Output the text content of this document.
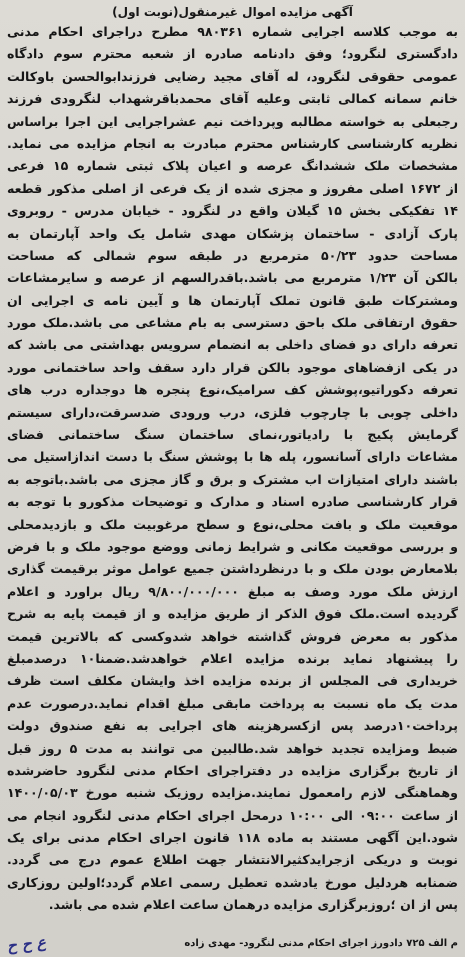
آگهی مزایده اموال غیرمنقول(نوبت اول)
به موجب کلاسه اجرایی شماره ۹۸۰۳۶۱ مطرح دراجرای احکام مدنی
دادگستری لنگرود؛ وفق دادنامه صادره از شعبه محترم سوم دادگاه
عمومی حقوقی لنگرود، له آقای مجید رضایی فرزندابوالحسن باوکالت
خانم سمانه کمالی ثابتی وعلیه آقای محمدباقرشهداب لنگرودی فرزند
رجبعلی به خواسته مطالبه وپرداخت نیم عشراجرایی این اجرا براساس
نظریه کارشناسی کارشناس محترم مبادرت به انجام مزایده می نماید.
مشخصات ملک ششدانگ عرصه و اعیان پلاک ثبتی شماره ۱۵ فرعی
از ۱۶۷۲ اصلی مفروز و مجزی شده از یک فرعی از اصلی مذکور قطعه
۱۴ تفکیکی بخش ۱۵ گیلان واقع در لنگرود - خیابان مدرس - روبروی
پارک آزادی - ساختمان پزشکان مهدی شامل یک واحد آپارتمان به
مساحت حدود ۵۰/۲۳ مترمربع در طبقه سوم شمالی که مساحت
بالکن آن ۱/۲۳ مترمربع می باشد.باقدرالسهم از عرصه و سایرمشاعات
ومشترکات طبق قانون تملک آپارتمان ها و آیین نامه ی اجرایی ان
حقوق ارتفاقی ملک باحق دسترسی به بام مشاعی می باشد.ملک مورد
تعرفه دارای دو فضای داخلی به انضمام سرویس بهداشتی می باشد که
در یکی ازفضاهای موجود بالکن قرار دارد سقف واحد ساختمانی مورد
تعرفه دکوراتیو،پوشش کف سرامیک،نوع پنجره ها دوجداره درب های
داخلی چوبی با چارچوب فلزی، درب ورودی ضدسرقت،دارای سیستم
گرمایش پکیج با رادیاتور،نمای ساختمان سنگ ساختمانی فضای
مشاعات دارای آسانسور، پله ها با پوشش سنگ با دست اندازاستیل می
باشند دارای امتیازات اب مشترک و برق و گاز مجزی می باشد.باتوجه به
قرار کارشناسی صادره اسناد و مدارک و توضیحات مذکورو با توجه به
موقعیت ملک و بافت محلی،نوع و سطح مرغوبیت ملک و بازدیدمحلی
و بررسی موقعیت مکانی و شرایط زمانی ووضع موجود ملک و با فرض
بلامعارض بودن ملک و با درنظرداشتن جمیع عوامل موثر برقیمت گذاری
ارزش ملک مورد وصف به مبلغ ۹/۸۰۰/۰۰۰/۰۰۰ ریال براورد و اعلام
گردیده است.ملک فوق الذکر از طریق مزایده و از قیمت پایه به شرح
مذکور به معرض فروش گذاشته خواهد شدوکسی که بالاترین قیمت
را پیشنهاد نماید برنده مزایده اعلام خواهدشد.ضمنا۱۰ درصدمبلغ
خریداری فی المجلس از برنده مزایده اخذ وایشان مکلف است ظرف
مدت یک ماه نسبت به پرداخت مابقی مبلغ اقدام نماید.درصورت عدم
پرداخت۱۰درصد پس ازکسرهزینه های اجرایی به نفع صندوق دولت
ضبط ومزایده تجدید خواهد شد.طالبین می توانند به مدت ۵ روز قبل
از تاریخ برگزاری مزایده در دفتراجرای احکام مدنی لنگرود حاضرشده
وهماهنگی لازم رامعمول نمایند.مزایده روزیک شنبه مورخ ۱۴۰۰/۰۵/۰۳
از ساعت ۰۹:۰۰ الی ۱۰:۰۰ درمحل اجرای احکام مدنی لنگرود انجام می
شود.این آگهی مستند به ماده ۱۱۸ قانون اجرای احکام مدنی برای یک
نوبت و دریکی ازجرایدکثیرالانتشار جهت اطلاع عموم درج می گردد.
ضمنابه هردلیل مورخ یادشده تعطیل رسمی اعلام گردد؛اولین روزکاری
پس از ان ؛روزبرگزاری مزایده درهمان ساعت اعلام شده می باشد.
م الف ۷۲۵ دادورز اجرای احکام مدنی لنگرود- مهدی زاده
ع ح ح
